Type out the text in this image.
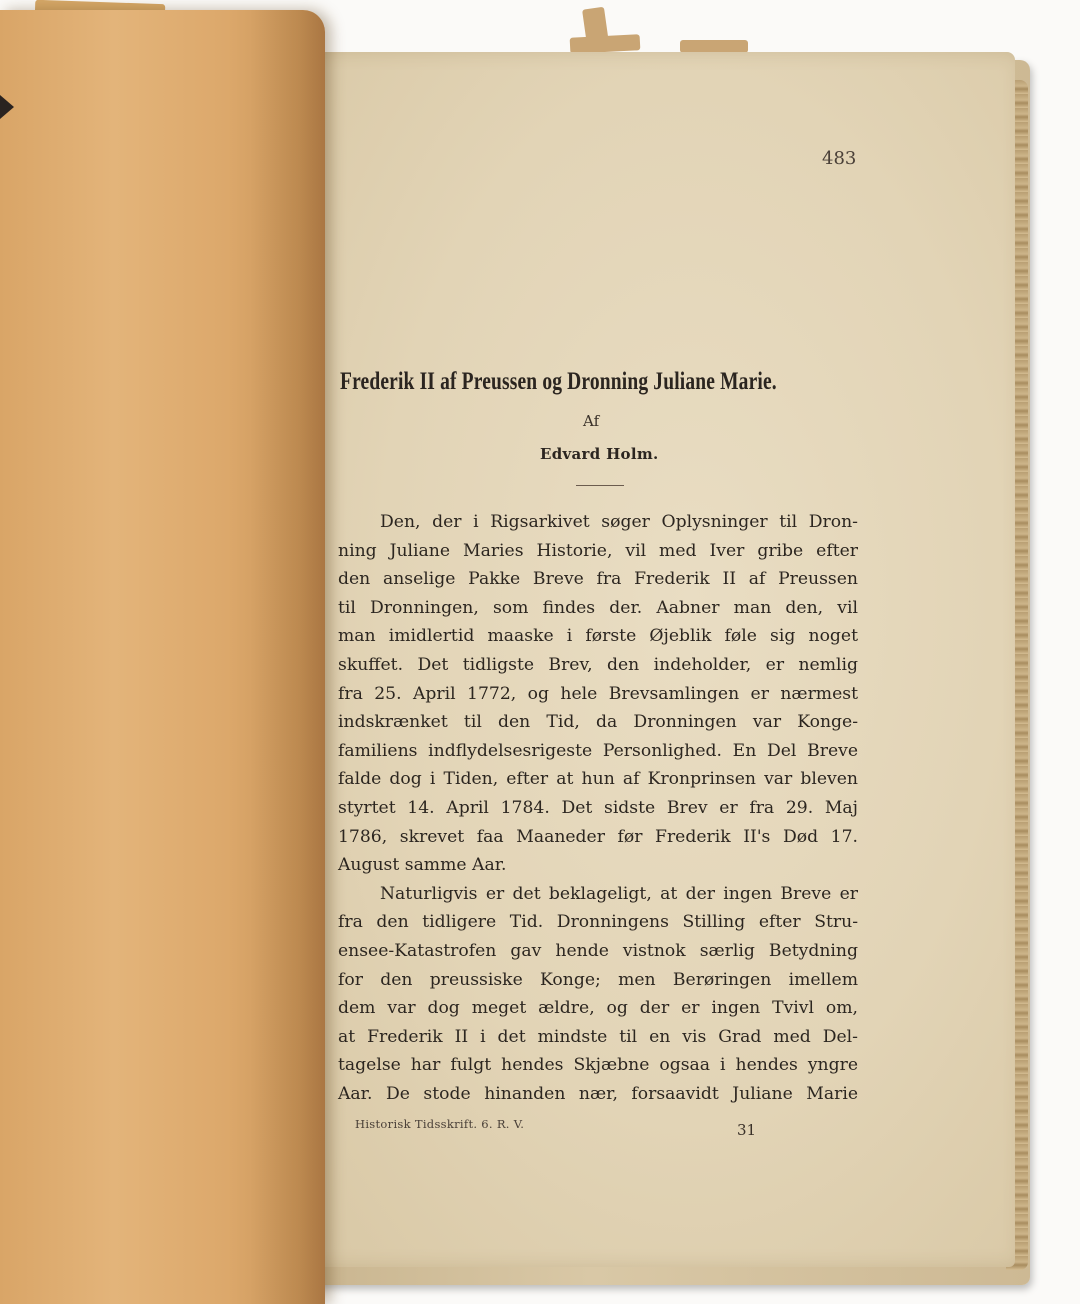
483
Frederik II af Preussen og Dronning Juliane Marie.
Af
Edvard Holm.
Den, der i Rigsarkivet søger Oplysninger til Dron-
ning Juliane Maries Historie, vil med Iver gribe efter
den anselige Pakke Breve fra Frederik II af Preussen
til Dronningen, som findes der. Aabner man den, vil
man imidlertid maaske i første Øjeblik føle sig noget
skuffet. Det tidligste Brev, den indeholder, er nemlig
fra 25. April 1772, og hele Brevsamlingen er nærmest
indskrænket til den Tid, da Dronningen var Konge-
familiens indflydelsesrigeste Personlighed. En Del Breve
falde dog i Tiden, efter at hun af Kronprinsen var bleven
styrtet 14. April 1784. Det sidste Brev er fra 29. Maj
1786, skrevet faa Maaneder før Frederik II's Død 17.
August samme Aar.
Naturligvis er det beklageligt, at der ingen Breve er
fra den tidligere Tid. Dronningens Stilling efter Stru-
ensee-Katastrofen gav hende vistnok særlig Betydning
for den preussiske Konge; men Berøringen imellem
dem var dog meget ældre, og der er ingen Tvivl om,
at Frederik II i det mindste til en vis Grad med Del-
tagelse har fulgt hendes Skjæbne ogsaa i hendes yngre
Aar. De stode hinanden nær, forsaavidt Juliane Marie
Historisk Tidsskrift. 6. R. V.	31
